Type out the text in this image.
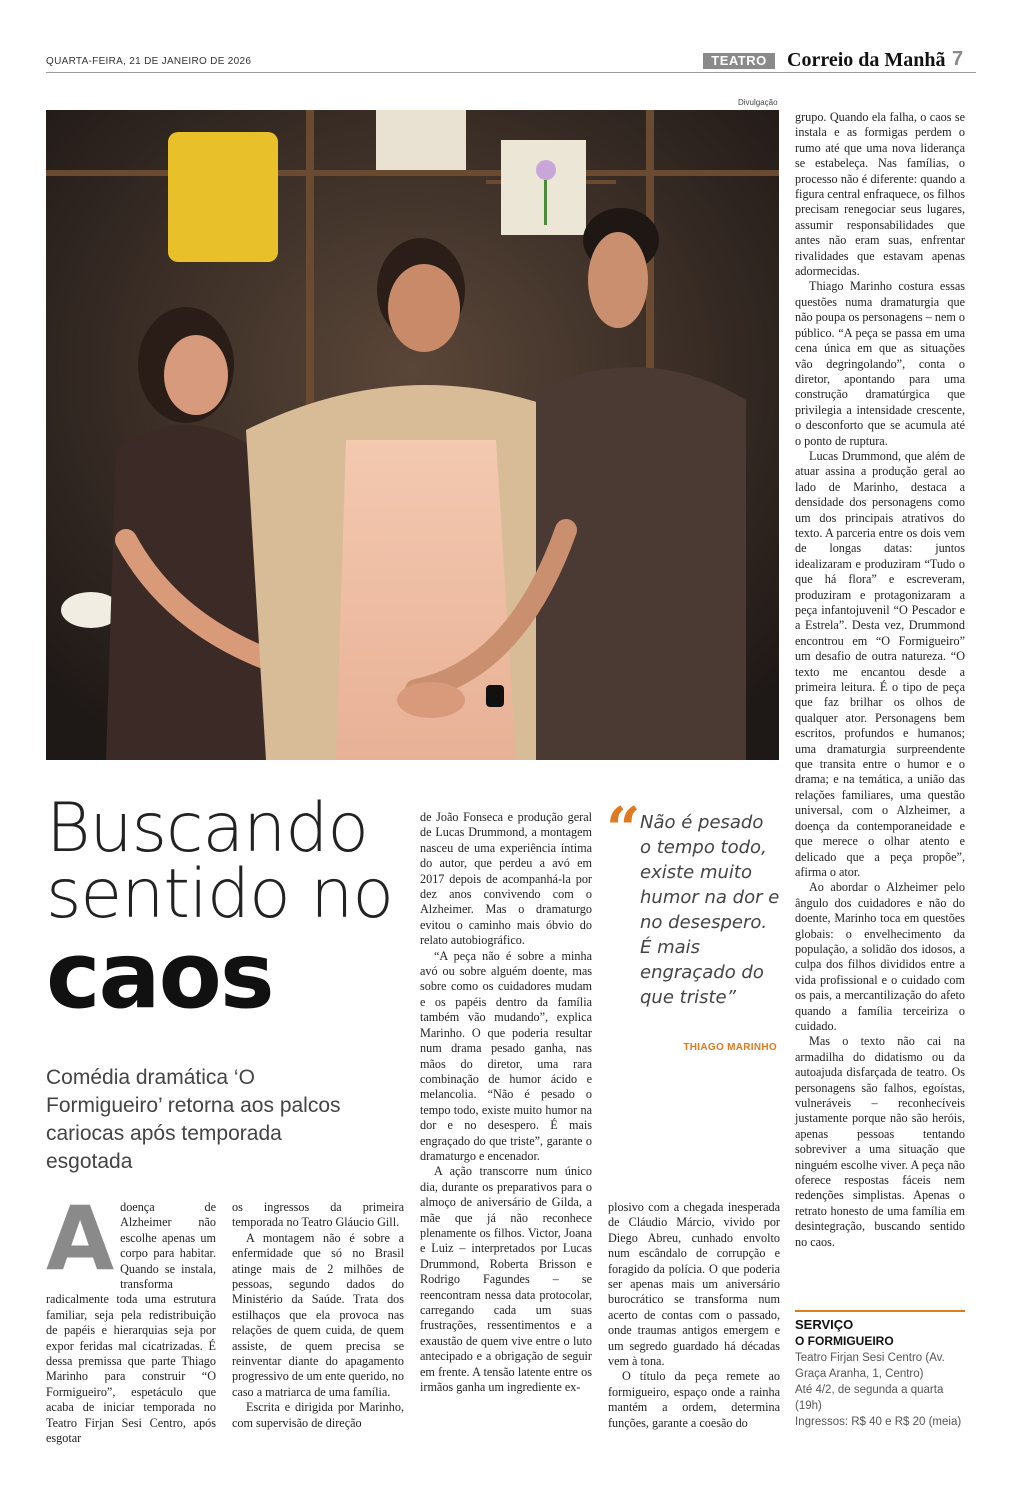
QUARTA-FEIRA, 21 DE JANEIRO DE 2026	TEATRO	Correio da Manhã 7
Divulgação
Buscando
sentido no
caos
Comédia dramática ‘O Formigueiro’ retorna aos palcos cariocas após temporada esgotada
A doença de Alzheimer não escolhe apenas um corpo para habitar. Quando se instala, transforma radicalmente toda uma estrutura familiar, seja pela redistribuição de papéis e hierarquias seja por expor feridas mal cicatrizadas. É dessa premissa que parte Thiago Marinho para construir “O Formigueiro”, espetáculo que acaba de iniciar temporada no Teatro Firjan Sesi Centro, após esgotar

os ingressos da primeira temporada no Teatro Gláucio Gill.

A montagem não é sobre a enfermidade que só no Brasil atinge mais de 2 milhões de pessoas, segundo dados do Ministério da Saúde. Trata dos estilhaços que ela provoca nas relações de quem cuida, de quem assiste, de quem precisa se reinventar diante do apagamento progressivo de um ente querido, no caso a matriarca de uma família.

Escrita e dirigida por Marinho, com supervisão de direção

de João Fonseca e produção geral de Lucas Drummond, a montagem nasceu de uma experiência íntima do autor, que perdeu a avó em 2017 depois de acompanhá-la por dez anos convivendo com o Alzheimer. Mas o dramaturgo evitou o caminho mais óbvio do relato autobiográfico.

“A peça não é sobre a minha avó ou sobre alguém doente, mas sobre como os cuidadores mudam e os papéis dentro da família também vão mudando”, explica Marinho. O que poderia resultar num drama pesado ganha, nas mãos do diretor, uma rara combinação de humor ácido e melancolia. “Não é pesado o tempo todo, existe muito humor na dor e no desespero. É mais engraçado do que triste”, garante o dramaturgo e encenador.

A ação transcorre num único dia, durante os preparativos para o almoço de aniversário de Gilda, a mãe que já não reconhece plenamente os filhos. Victor, Joana e Luiz – interpretados por Lucas Drummond, Roberta Brisson e Rodrigo Fagundes – se reencontram nessa data protocolar, carregando cada um suas frustrações, ressentimentos e a exaustão de quem vive entre o luto antecipado e a obrigação de seguir em frente. A tensão latente entre os irmãos ganha um ingrediente ex-

“ Não é pesado o tempo todo, existe muito humor na dor e no desespero. É mais engraçado do que triste”
THIAGO MARINHO

plosivo com a chegada inesperada de Cláudio Márcio, vivido por Diego Abreu, cunhado envolto num escândalo de corrupção e foragido da polícia. O que poderia ser apenas mais um aniversário burocrático se transforma num acerto de contas com o passado, onde traumas antigos emergem e um segredo guardado há décadas vem à tona.

O título da peça remete ao formigueiro, espaço onde a rainha mantém a ordem, determina funções, garante a coesão do

grupo. Quando ela falha, o caos se instala e as formigas perdem o rumo até que uma nova liderança se estabeleça. Nas famílias, o processo não é diferente: quando a figura central enfraquece, os filhos precisam renegociar seus lugares, assumir responsabilidades que antes não eram suas, enfrentar rivalidades que estavam apenas adormecidas.

Thiago Marinho costura essas questões numa dramaturgia que não poupa os personagens – nem o público. “A peça se passa em uma cena única em que as situações vão degringolando”, conta o diretor, apontando para uma construção dramatúrgica que privilegia a intensidade crescente, o desconforto que se acumula até o ponto de ruptura.

Lucas Drummond, que além de atuar assina a produção geral ao lado de Marinho, destaca a densidade dos personagens como um dos principais atrativos do texto. A parceria entre os dois vem de longas datas: juntos idealizaram e produziram “Tudo o que há flora” e escreveram, produziram e protagonizaram a peça infantojuvenil “O Pescador e a Estrela”. Desta vez, Drummond encontrou em “O Formigueiro” um desafio de outra natureza. “O texto me encantou desde a primeira leitura. É o tipo de peça que faz brilhar os olhos de qualquer ator. Personagens bem escritos, profundos e humanos; uma dramaturgia surpreendente que transita entre o humor e o drama; e na temática, a união das relações familiares, uma questão universal, com o Alzheimer, a doença da contemporaneidade e que merece o olhar atento e delicado que a peça propõe”, afirma o ator.

Ao abordar o Alzheimer pelo ângulo dos cuidadores e não do doente, Marinho toca em questões globais: o envelhecimento da população, a solidão dos idosos, a culpa dos filhos divididos entre a vida profissional e o cuidado com os pais, a mercantilização do afeto quando a família terceiriza o cuidado.

Mas o texto não cai na armadilha do didatismo ou da autoajuda disfarçada de teatro. Os personagens são falhos, egoístas, vulneráveis – reconhecíveis justamente porque não são heróis, apenas pessoas tentando sobreviver a uma situação que ninguém escolhe viver. A peça não oferece respostas fáceis nem redenções simplistas. Apenas o retrato honesto de uma família em desintegração, buscando sentido no caos.

SERVIÇO
O FORMIGUEIRO
Teatro Firjan Sesi Centro (Av. Graça Aranha, 1, Centro)
Até 4/2, de segunda a quarta (19h)
Ingressos: R$ 40 e R$ 20 (meia)
